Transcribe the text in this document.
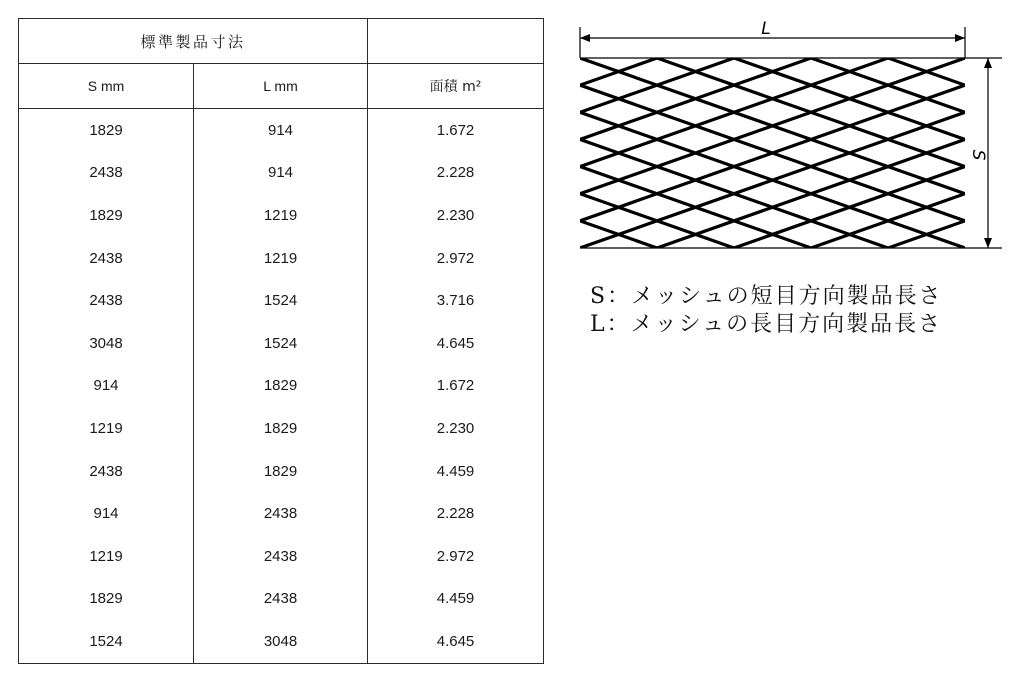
標準製品寸法		
S mm	L mm	面積 m²
1829	914	1.672
2438	914	2.228
1829	1219	2.230
2438	1219	2.972
2438	1524	3.716
3048	1524	4.645
914	1829	1.672
1219	1829	2.230
2438	1829	4.459
914	2438	2.228
1219	2438	2.972
1829	2438	4.459
1524	3048	4.645
L
S
S：メッシュの短目方向製品長さ
L：メッシュの長目方向製品長さ
